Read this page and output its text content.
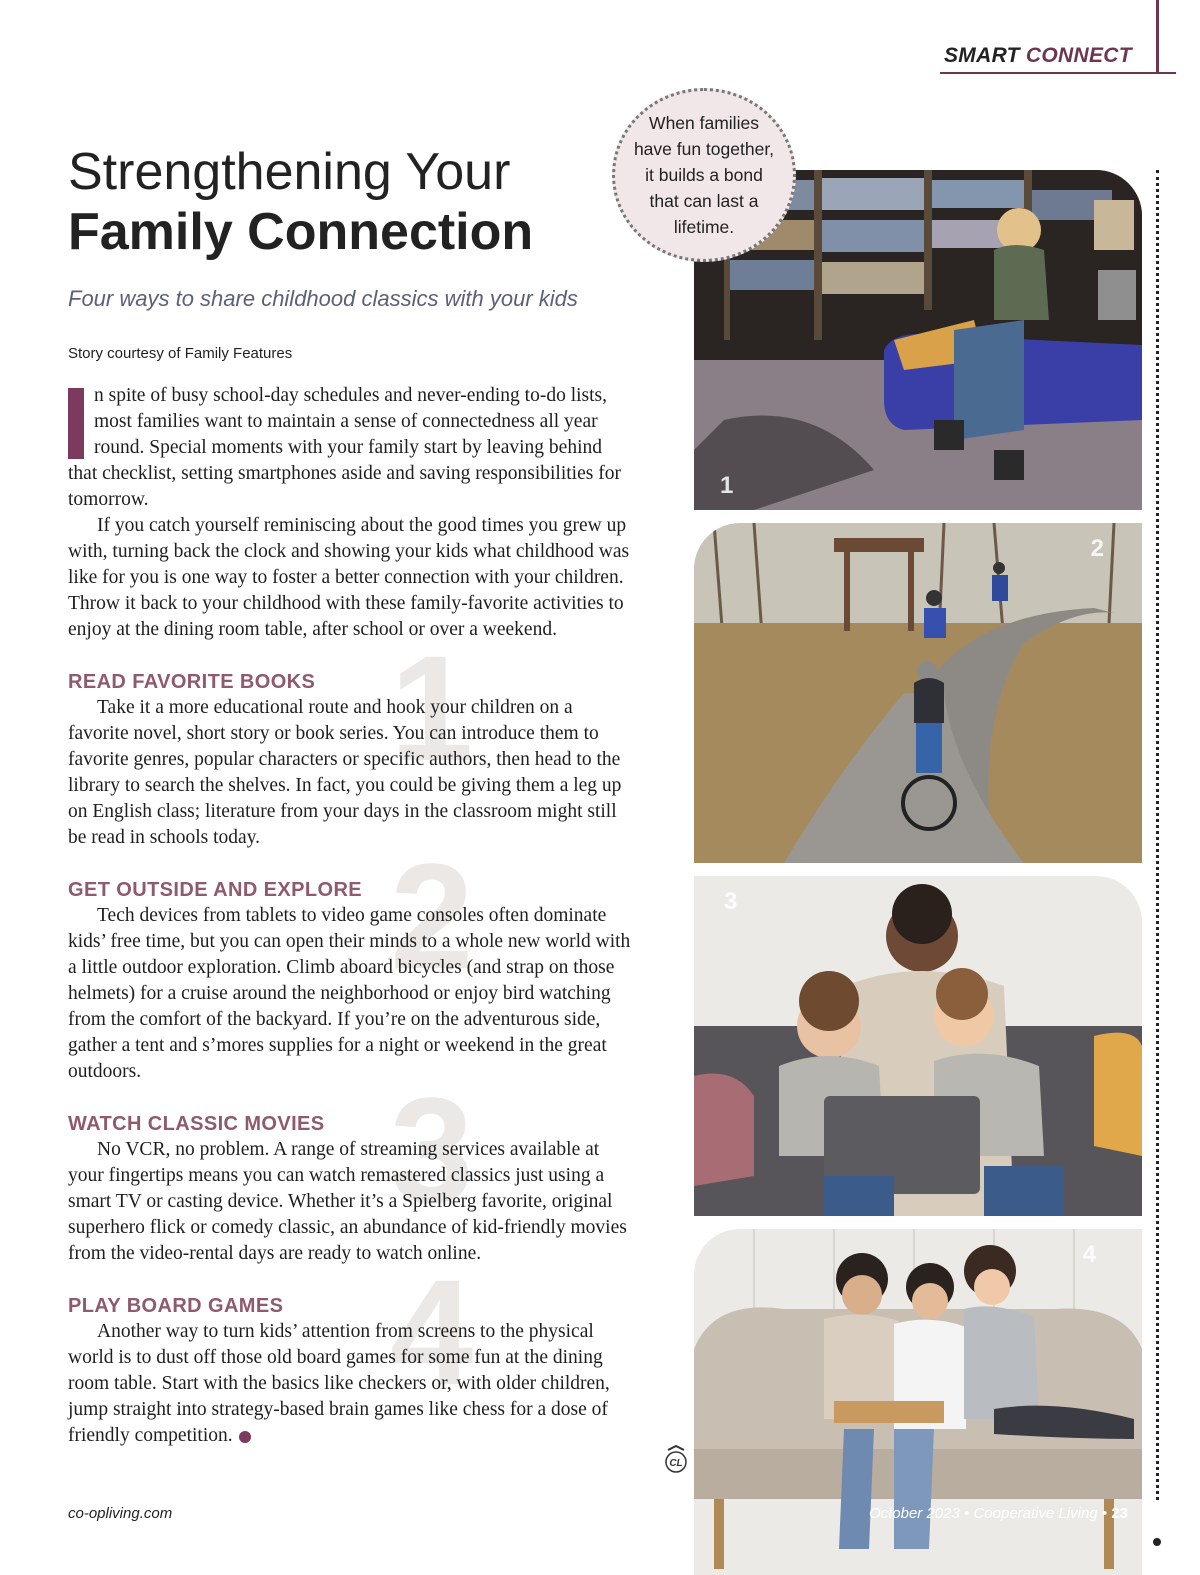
SMART CONNECT
Strengthening Your
Family Connection
Four ways to share childhood classics with your kids
Story courtesy of Family Features

n spite of busy school-day schedules and never-ending to-do lists, most families want to maintain a sense of connectedness all year round. Special moments with your family start by leaving behind that checklist, setting smartphones aside and saving responsibilities for tomorrow.

If you catch yourself reminiscing about the good times you grew up with, turning back the clock and showing your kids what childhood was like for you is one way to foster a better connection with your children. Throw it back to your childhood with these family-favorite activities to enjoy at the dining room table, after school or over a weekend.

1
READ FAVORITE BOOKS

Take it a more educational route and hook your children on a favorite novel, short story or book series. You can introduce them to favorite genres, popular characters or specific authors, then head to the library to search the shelves. In fact, you could be giving them a leg up on English class; literature from your days in the classroom might still be read in schools today. 2
GET OUTSIDE AND EXPLORE

Tech devices from tablets to video game consoles often dominate kids’ free time, but you can open their minds to a whole new world with a little outdoor exploration. Climb aboard bicycles (and strap on those helmets) for a cruise around the neighborhood or enjoy bird watching from the comfort of the backyard. If you’re on the adventurous side, gather a tent and s’mores supplies for a night or weekend in the great outdoors.	3
WATCH CLASSIC MOVIES

No VCR, no problem. A range of streaming services available at your fingertips means you can watch remastered classics just using a smart TV or casting device. Whether it’s a Spielberg favorite, original superhero flick or comedy classic, an abundance of kid-friendly movies from the video-rental days are ready to watch online.

4
PLAY BOARD GAMES

Another way to turn kids’ attention from screens to the physical world is to dust off those old board games for some fun at the dining room table. Start with the basics like checkers or, with older children, jump straight into strategy-based brain games like chess for a dose of friendly competition.

CL
1
2
3
4
When families have fun together, it builds a bond that can last a lifetime.
co-opliving.com	October 2023 • Cooperative Living • 23
